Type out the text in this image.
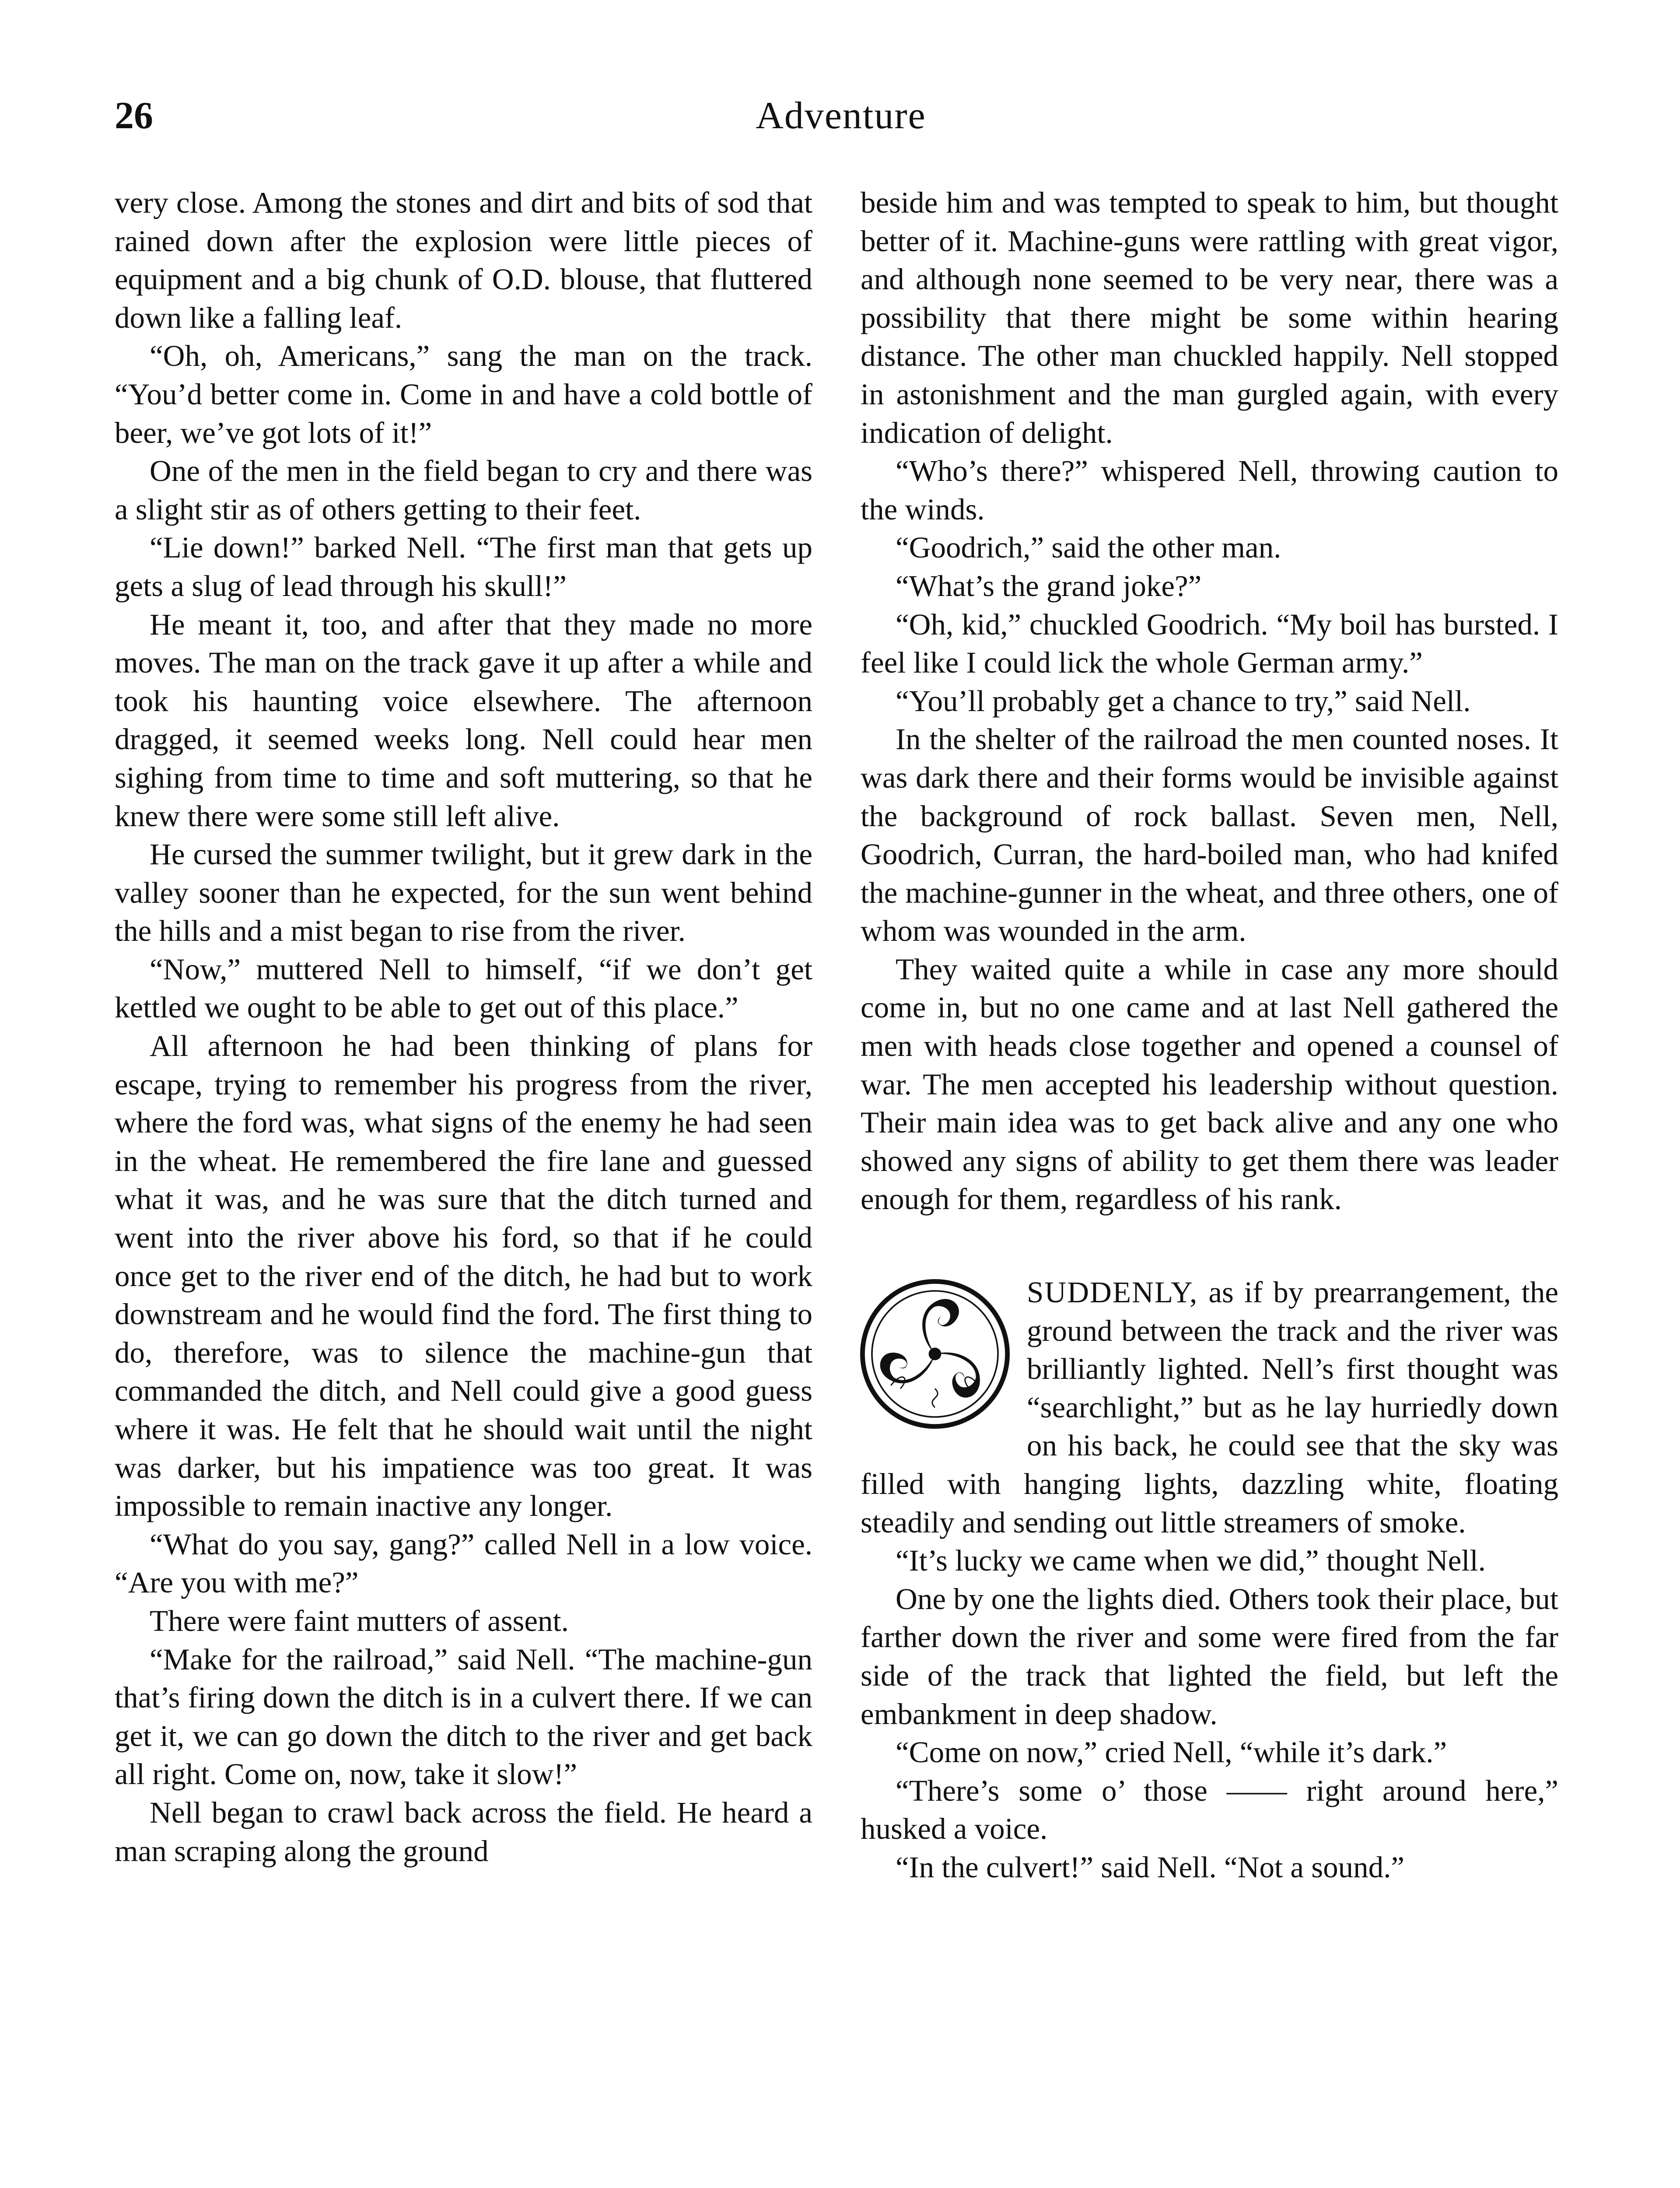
26	Adventure

very close. Among the stones and dirt and bits of sod that rained down after the explosion were little pieces of equipment and a big chunk of O.D. blouse, that fluttered down like a falling leaf.

“Oh, oh, Americans,” sang the man on the track. “You’d better come in. Come in and have a cold bottle of beer, we’ve got lots of it!”

One of the men in the field began to cry and there was a slight stir as of others getting to their feet.

“Lie down!” barked Nell. “The first man that gets up gets a slug of lead through his skull!”

He meant it, too, and after that they made no more moves. The man on the track gave it up after a while and took his haunting voice elsewhere. The afternoon dragged, it seemed weeks long. Nell could hear men sighing from time to time and soft muttering, so that he knew there were some still left alive.

He cursed the summer twilight, but it grew dark in the valley sooner than he expected, for the sun went behind the hills and a mist began to rise from the river.

“Now,” muttered Nell to himself, “if we don’t get kettled we ought to be able to get out of this place.”

All afternoon he had been thinking of plans for escape, trying to remember his progress from the river, where the ford was, what signs of the enemy he had seen in the wheat. He remembered the fire lane and guessed what it was, and he was sure that the ditch turned and went into the river above his ford, so that if he could once get to the river end of the ditch, he had but to work downstream and he would find the ford. The first thing to do, therefore, was to silence the machine-gun that commanded the ditch, and Nell could give a good guess where it was. He felt that he should wait until the night was darker, but his impatience was too great. It was impossible to remain inactive any longer.

“What do you say, gang?” called Nell in a low voice. “Are you with me?”

There were faint mutters of assent.

“Make for the railroad,” said Nell. “The machine-gun that’s firing down the ditch is in a culvert there. If we can get it, we can go down the ditch to the river and get back all right. Come on, now, take it slow!”

Nell began to crawl back across the field. He heard a man scraping along the ground

beside him and was tempted to speak to him, but thought better of it. Machine-guns were rattling with great vigor, and although none seemed to be very near, there was a possibility that there might be some within hearing distance. The other man chuckled happily. Nell stopped in astonishment and the man gurgled again, with every indication of delight.

“Who’s there?” whispered Nell, throwing caution to the winds.

“Goodrich,” said the other man.

“What’s the grand joke?”

“Oh, kid,” chuckled Goodrich. “My boil has bursted. I feel like I could lick the whole German army.”

“You’ll probably get a chance to try,” said Nell.

In the shelter of the railroad the men counted noses. It was dark there and their forms would be invisible against the background of rock ballast. Seven men, Nell, Goodrich, Curran, the hard-boiled man, who had knifed the machine-gunner in the wheat, and three others, one of whom was wounded in the arm.

They waited quite a while in case any more should come in, but no one came and at last Nell gathered the men with heads close together and opened a counsel of war. The men accepted his leadership without question. Their main idea was to get back alive and any one who showed any signs of ability to get them there was leader enough for them, regardless of his rank.

SUDDENLY, as if by prearrangement, the ground between the track and the river was brilliantly lighted. Nell’s first thought was “searchlight,” but as he lay hurriedly down on his back, he could see that the sky was filled with hanging lights, dazzling white, floating steadily and sending out little streamers of smoke.

“It’s lucky we came when we did,” thought Nell.

One by one the lights died. Others took their place, but farther down the river and some were fired from the far side of the track that lighted the field, but left the embankment in deep shadow.

“Come on now,” cried Nell, “while it’s dark.”

“There’s some o’ those —— right around here,” husked a voice.

“In the culvert!” said Nell. “Not a sound.”
